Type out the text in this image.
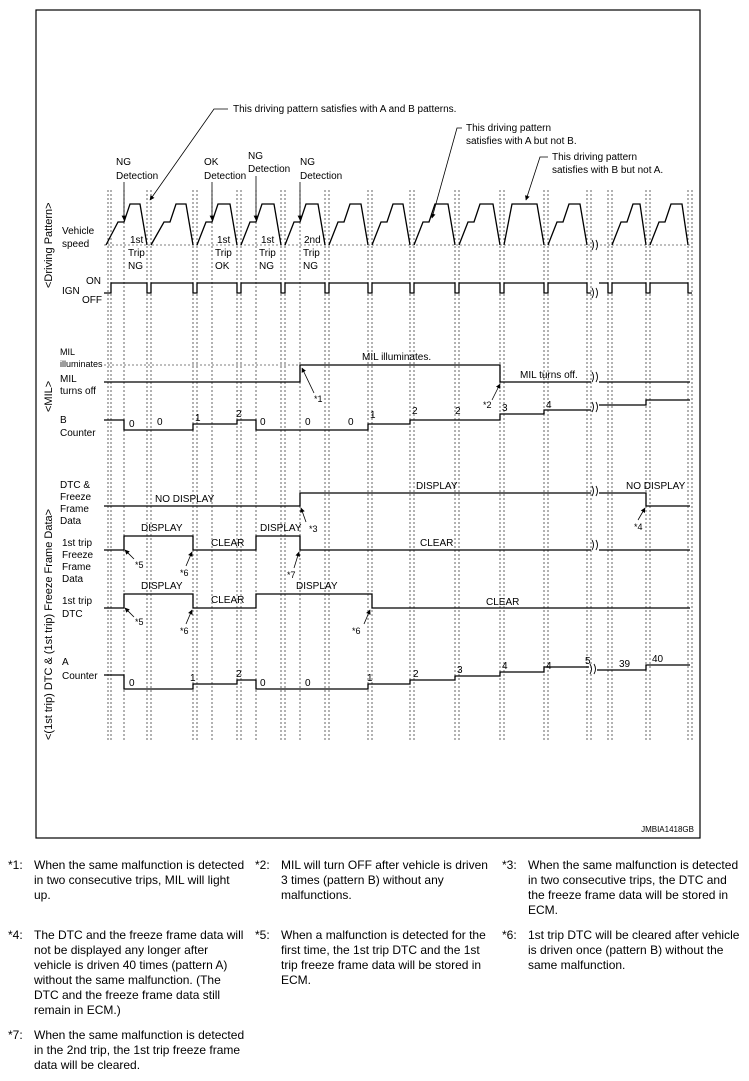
<Driving Pattern>
<MIL>
<(1st trip) DTC & (1st trip) Freeze Frame Data>
This driving pattern satisfies with A and B patterns.
This driving pattern
satisfies with A but not B.
This driving pattern
satisfies with B but not A.
NG
Detection
OK
Detection
NG
Detection
NG
Detection
Vehicle
speed	1st
Trip
NG
1st
Trip
OK
1st
Trip
NG
2nd
Trip
NG
ON
IGN
OFF
MIL
illuminates
MIL
turns off
MIL illuminates.
MIL turns off.
B
Counter
0 0	1	2
0	0	0
1	2	2	3	4
DTC &
Freeze
Frame
Data
NO DISPLAY
DISPLAY	NO DISPLAY
1st trip
Freeze
Frame
Data
DISPLAY
CLEAR
DISPLAY
CLEAR
1st trip
DTC
DISPLAY
CLEAR
DISPLAY
CLEAR
A
Counter
0	1	2
0	0	1	2	3	4	4	5	39 40
*1
*2
*3	*4
*5
*6
*5
*6
*7
*6
JMBIA1418GB
*1: When the same malfunction is detected in two consecutive trips, MIL will light up.
*2: MIL will turn OFF after vehicle is driven 3 times (pattern B) without any malfunctions.
*3: When the same malfunction is detected in two consecutive trips, the DTC and the freeze frame data will be stored in ECM.
*4: The DTC and the freeze frame data will not be displayed any longer after vehicle is driven 40 times (pattern A) without the same malfunction. (The DTC and the freeze frame data still remain in ECM.)
*5: When a malfunction is detected for the first time, the 1st trip DTC and the 1st trip freeze frame data will be stored in ECM.
*6: 1st trip DTC will be cleared after vehicle is driven once (pattern B) without the same malfunction.
*7: When the same malfunction is detected in the 2nd trip, the 1st trip freeze frame data will be cleared.
